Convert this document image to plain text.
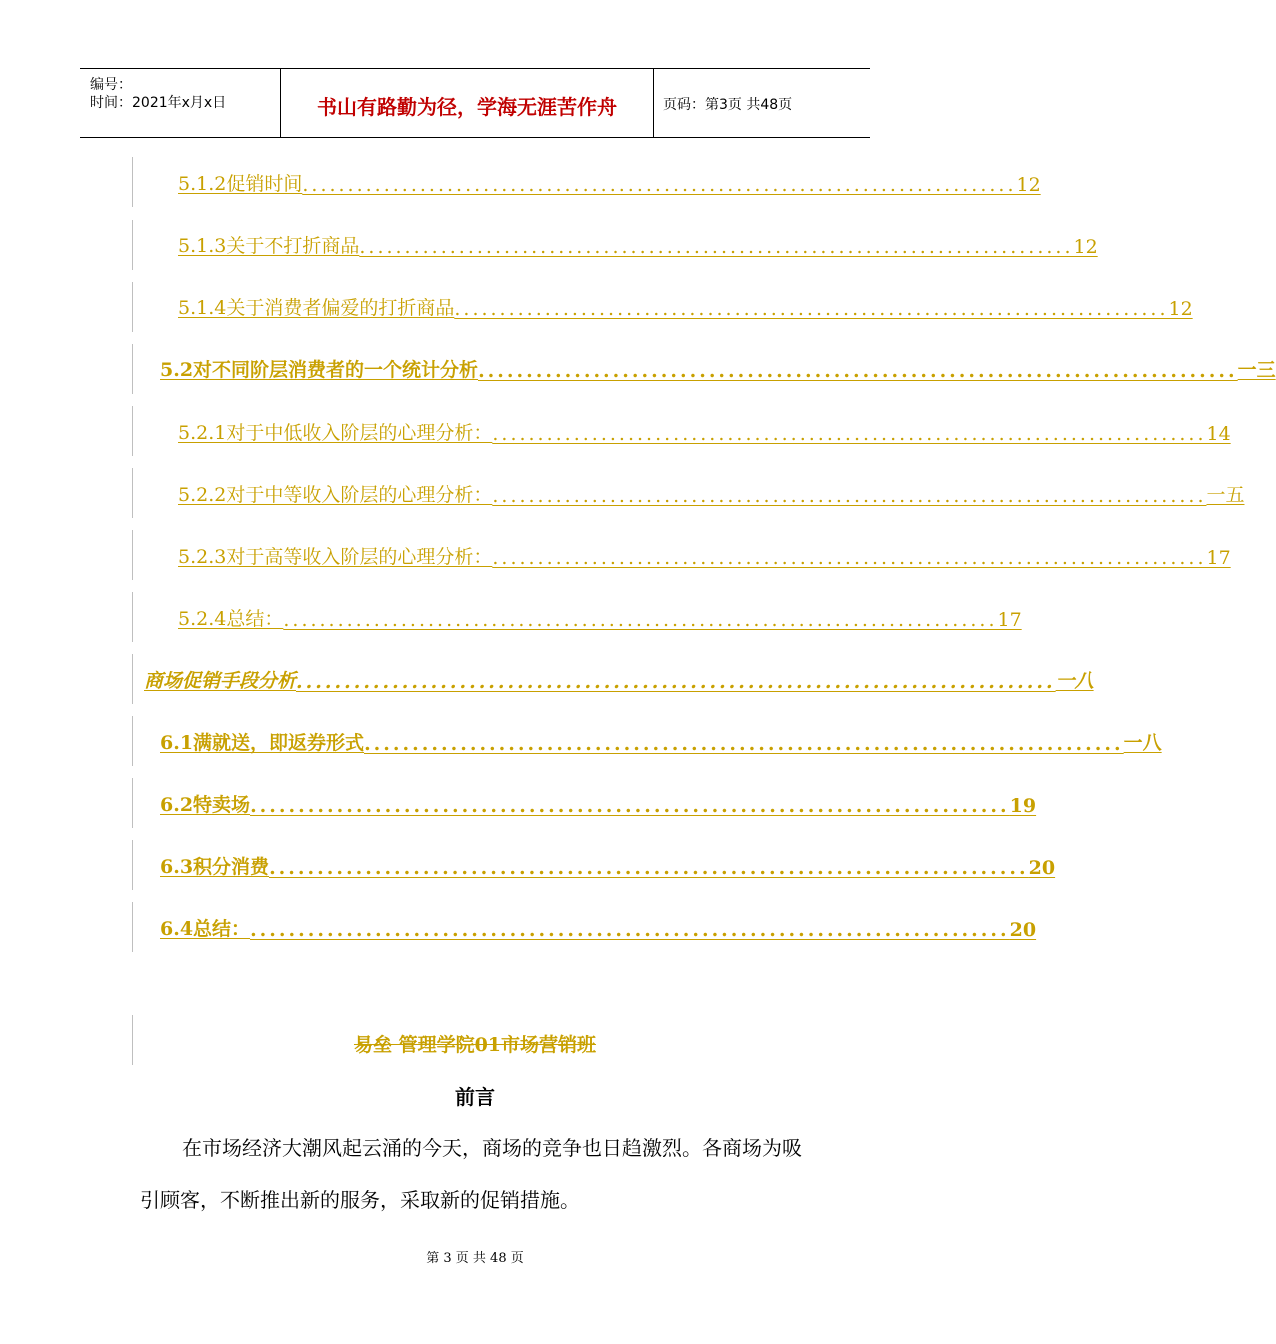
编号：
时间：2021年x月x日	书山有路勤为径，学海无涯苦作舟	页码：第3页 共48页
5.1.2促销时间 ............................................................................... 12
5.1.3关于不打折商品 ............................................................................... 12
5.1.4关于消费者偏爱的打折商品 ............................................................................... 12
5.2对不同阶层消费者的一个统计分析 ............................................................................... 一三
5.2.1对于中低收入阶层的心理分析： ............................................................................... 14
5.2.2对于中等收入阶层的心理分析： ............................................................................... 一五
5.2.3对于高等收入阶层的心理分析： ............................................................................... 17
5.2.4总结： ............................................................................... 17
商场促销手段分析 ............................................................................... 一八
6.1满就送，即返券形式 ............................................................................... 一八
6.2特卖场 ............................................................................... 19
6.3积分消费 ............................................................................... 20
6.4总结： ............................................................................... 20
易垒 管理学院01市场营销班
前言
在市场经济大潮风起云涌的今天，商场的竞争也日趋激烈。各商场为吸引顾客，不断推出新的服务，采取新的促销措施。
第 3 页 共 48 页
